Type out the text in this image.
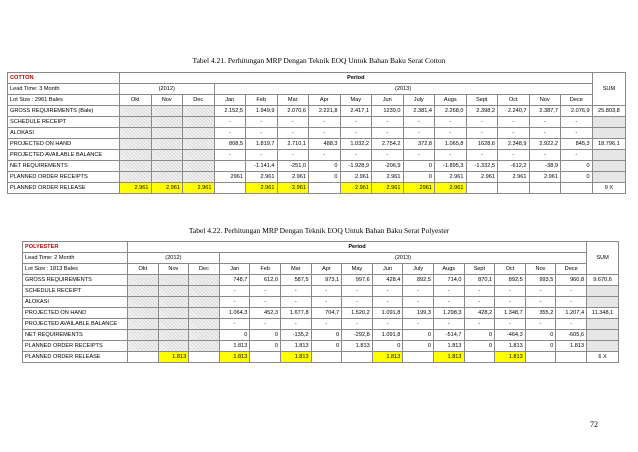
Tabel 4.21. Perhitungan MRP Dengan Teknik EOQ Untuk Bahan Baku Serat Cotton
COTTON	Period															SUM
Lead Time: 3 Month	(2012)			(2013)												
Lot Size : 2961 Bales	Okt	Nov	Dec	Jan	Feb	Mar	Apr	May	Jun	July	Augs	Sept	Oct	Nov	Dece	
GROSS REQUIREMENTS (Bale)				2.152,5	1.949,9	2.070,6	2.221,8	2.417,1	1239,0	2.381,4	2.268,0	2.398,2	2.240,7	2.387,7	2.076,9	25.803,8
SCHEDULE RECEIPT				-	-	-	-	-	-	-	-	-	-	-	-	
ALOKASI				-	-	-	-	-	-	-	-	-	-	-	-	
PROJECTED ON HAND				808,5	1.819,7	2.710,1	488,3	1.032,2	2.754,2	372,8	1.065,8	1628,6	2.348,9	2.922,2	845,3	18.796,1
PROJECTED AVAILABLE BALANCE				-	-	-	-	-	-	-	-	-	-	-	-	
NET REQUIREMENTS					-1.141,4	-251,0	0	-1.928,9	-206,9	0	-1.895,3	-1.332,5	-612,2	-38,9	0	
PLANNED ORDER RECEIPTS				2961	2.961	2.961	0	2.961	2.961	0	2.961	2.961	2.961	2.961	0	
PLANNED ORDER RELEASE	2.961	2.961	2.961		2.961	2.961		2.961	2.961	2961	2.961					9 X
Tabel 4.22. Perhitungan MRP Dengan Teknik EOQ Untuk Bahan Baku Serat Polyester
POLYESTER	Period															SUM
Lead Time: 2 Month	(2012)			(2013)												
Lot Size : 1813 Bales	Okt	Nov	Dec	Jan	Feb	Mar	Apr	May	Jun	July	Augs	Sept	Oct	Nov	Dece	
GROSS REQUIREMENTS				748,7	612,0	587,5	973,1	997,6	428,4	892,5	714,0	870,1	892,5	993,5	960,8	9.670,6
SCHEDULE RECEIPT				-	-	-	-	-	-	-	-	-	-	-	-	
ALOKASI				-	-	-	-	-	-	-	-	-	-	-	-	
PROJECTED ON HAND				1.064,3	452,3	1.677,8	704,7	1.520,2	1.091,8	199,3	1.298,3	428,2	1.348,7	355,2	1.207,4	11.348,1
PROJECTED AVAILABLE BALANCE				-	-	-	-	-	-	-	-	-	-	-	-	
NET REQUIREMENTS				0	0	-135,2	0	-292,8	1.091,8	0	-514,7	0	-464,3	0	-605,6	
PLANNED ORDER RECEIPTS				1.813	0	1.813	0	1.813	0	0	1.813	0	1.813	0	1.813	
PLANNED ORDER RELEASE		1.813		1.813		1.813			1.813		1.813		1.813			6 X
72
